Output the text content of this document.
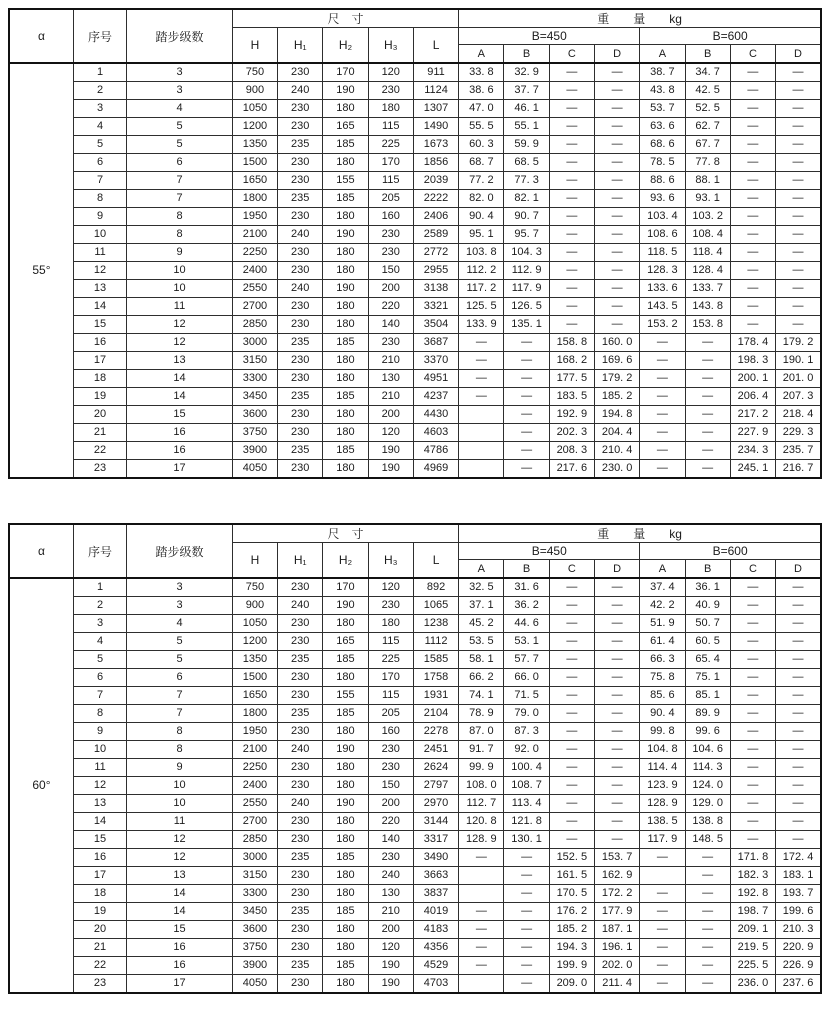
α	序号	踏步级数	尺　寸					重　　量　　kg							
			H	H₁	H₂	H₃	L	B=450				B=600			
								A	B	C	D	A	B	C	D
55°	1	3	750	230	170	120	911	33. 8	32. 9	—	—	38. 7	34. 7	—	—
	2	3	900	240	190	230	1124	38. 6	37. 7	—	—	43. 8	42. 5	—	—
	3	4	1050	230	180	180	1307	47. 0	46. 1	—	—	53. 7	52. 5	—	—
	4	5	1200	230	165	115	1490	55. 5	55. 1	—	—	63. 6	62. 7	—	—
	5	5	1350	235	185	225	1673	60. 3	59. 9	—	—	68. 6	67. 7	—	—
	6	6	1500	230	180	170	1856	68. 7	68. 5	—	—	78. 5	77. 8	—	—
	7	7	1650	230	155	115	2039	77. 2	77. 3	—	—	88. 6	88. 1	—	—
	8	7	1800	235	185	205	2222	82. 0	82. 1	—	—	93. 6	93. 1	—	—
	9	8	1950	230	180	160	2406	90. 4	90. 7	—	—	103. 4	103. 2	—	—
	10	8	2100	240	190	230	2589	95. 1	95. 7	—	—	108. 6	108. 4	—	—
	11	9	2250	230	180	230	2772	103. 8	104. 3	—	—	118. 5	118. 4	—	—
	12	10	2400	230	180	150	2955	112. 2	112. 9	—	—	128. 3	128. 4	—	—
	13	10	2550	240	190	200	3138	117. 2	117. 9	—	—	133. 6	133. 7	—	—
	14	11	2700	230	180	220	3321	125. 5	126. 5	—	—	143. 5	143. 8	—	—
	15	12	2850	230	180	140	3504	133. 9	135. 1	—	—	153. 2	153. 8	—	—
	16	12	3000	235	185	230	3687	—	—	158. 8	160. 0	—	—	178. 4	179. 2
	17	13	3150	230	180	210	3370	—	—	168. 2	169. 6	—	—	198. 3	190. 1
	18	14	3300	230	180	130	4951	—	—	177. 5	179. 2	—	—	200. 1	201. 0
	19	14	3450	235	185	210	4237	—	—	183. 5	185. 2	—	—	206. 4	207. 3
	20	15	3600	230	180	200	4430		—	192. 9	194. 8	—	—	217. 2	218. 4
	21	16	3750	230	180	120	4603		—	202. 3	204. 4	—	—	227. 9	229. 3
	22	16	3900	235	185	190	4786		—	208. 3	210. 4	—	—	234. 3	235. 7
	23	17	4050	230	180	190	4969		—	217. 6	230. 0	—	—	245. 1	216. 7
α	序号	踏步级数	尺　寸					重　　量　　kg							
			H	H₁	H₂	H₃	L	B=450				B=600			
								A	B	C	D	A	B	C	D
60°	1	3	750	230	170	120	892	32. 5	31. 6	—	—	37. 4	36. 1	—	—
	2	3	900	240	190	230	1065	37. 1	36. 2	—	—	42. 2	40. 9	—	—
	3	4	1050	230	180	180	1238	45. 2	44. 6	—	—	51. 9	50. 7	—	—
	4	5	1200	230	165	115	1112	53. 5	53. 1	—	—	61. 4	60. 5	—	—
	5	5	1350	235	185	225	1585	58. 1	57. 7	—	—	66. 3	65. 4	—	—
	6	6	1500	230	180	170	1758	66. 2	66. 0	—	—	75. 8	75. 1	—	—
	7	7	1650	230	155	115	1931	74. 1	71. 5	—	—	85. 6	85. 1	—	—
	8	7	1800	235	185	205	2104	78. 9	79. 0	—	—	90. 4	89. 9	—	—
	9	8	1950	230	180	160	2278	87. 0	87. 3	—	—	99. 8	99. 6	—	—
	10	8	2100	240	190	230	2451	91. 7	92. 0	—	—	104. 8	104. 6	—	—
	11	9	2250	230	180	230	2624	99. 9	100. 4	—	—	114. 4	114. 3	—	—
	12	10	2400	230	180	150	2797	108. 0	108. 7	—	—	123. 9	124. 0	—	—
	13	10	2550	240	190	200	2970	112. 7	113. 4	—	—	128. 9	129. 0	—	—
	14	11	2700	230	180	220	3144	120. 8	121. 8	—	—	138. 5	138. 8	—	—
	15	12	2850	230	180	140	3317	128. 9	130. 1	—	—	117. 9	148. 5	—	—
	16	12	3000	235	185	230	3490	—	—	152. 5	153. 7	—	—	171. 8	172. 4
	17	13	3150	230	180	240	3663		—	161. 5	162. 9		—	182. 3	183. 1
	18	14	3300	230	180	130	3837		—	170. 5	172. 2	—	—	192. 8	193. 7
	19	14	3450	235	185	210	4019	—	—	176. 2	177. 9	—	—	198. 7	199. 6
	20	15	3600	230	180	200	4183	—	—	185. 2	187. 1	—	—	209. 1	210. 3
	21	16	3750	230	180	120	4356	—	—	194. 3	196. 1	—	—	219. 5	220. 9
	22	16	3900	235	185	190	4529	—	—	199. 9	202. 0	—	—	225. 5	226. 9
	23	17	4050	230	180	190	4703		—	209. 0	211. 4	—	—	236. 0	237. 6
